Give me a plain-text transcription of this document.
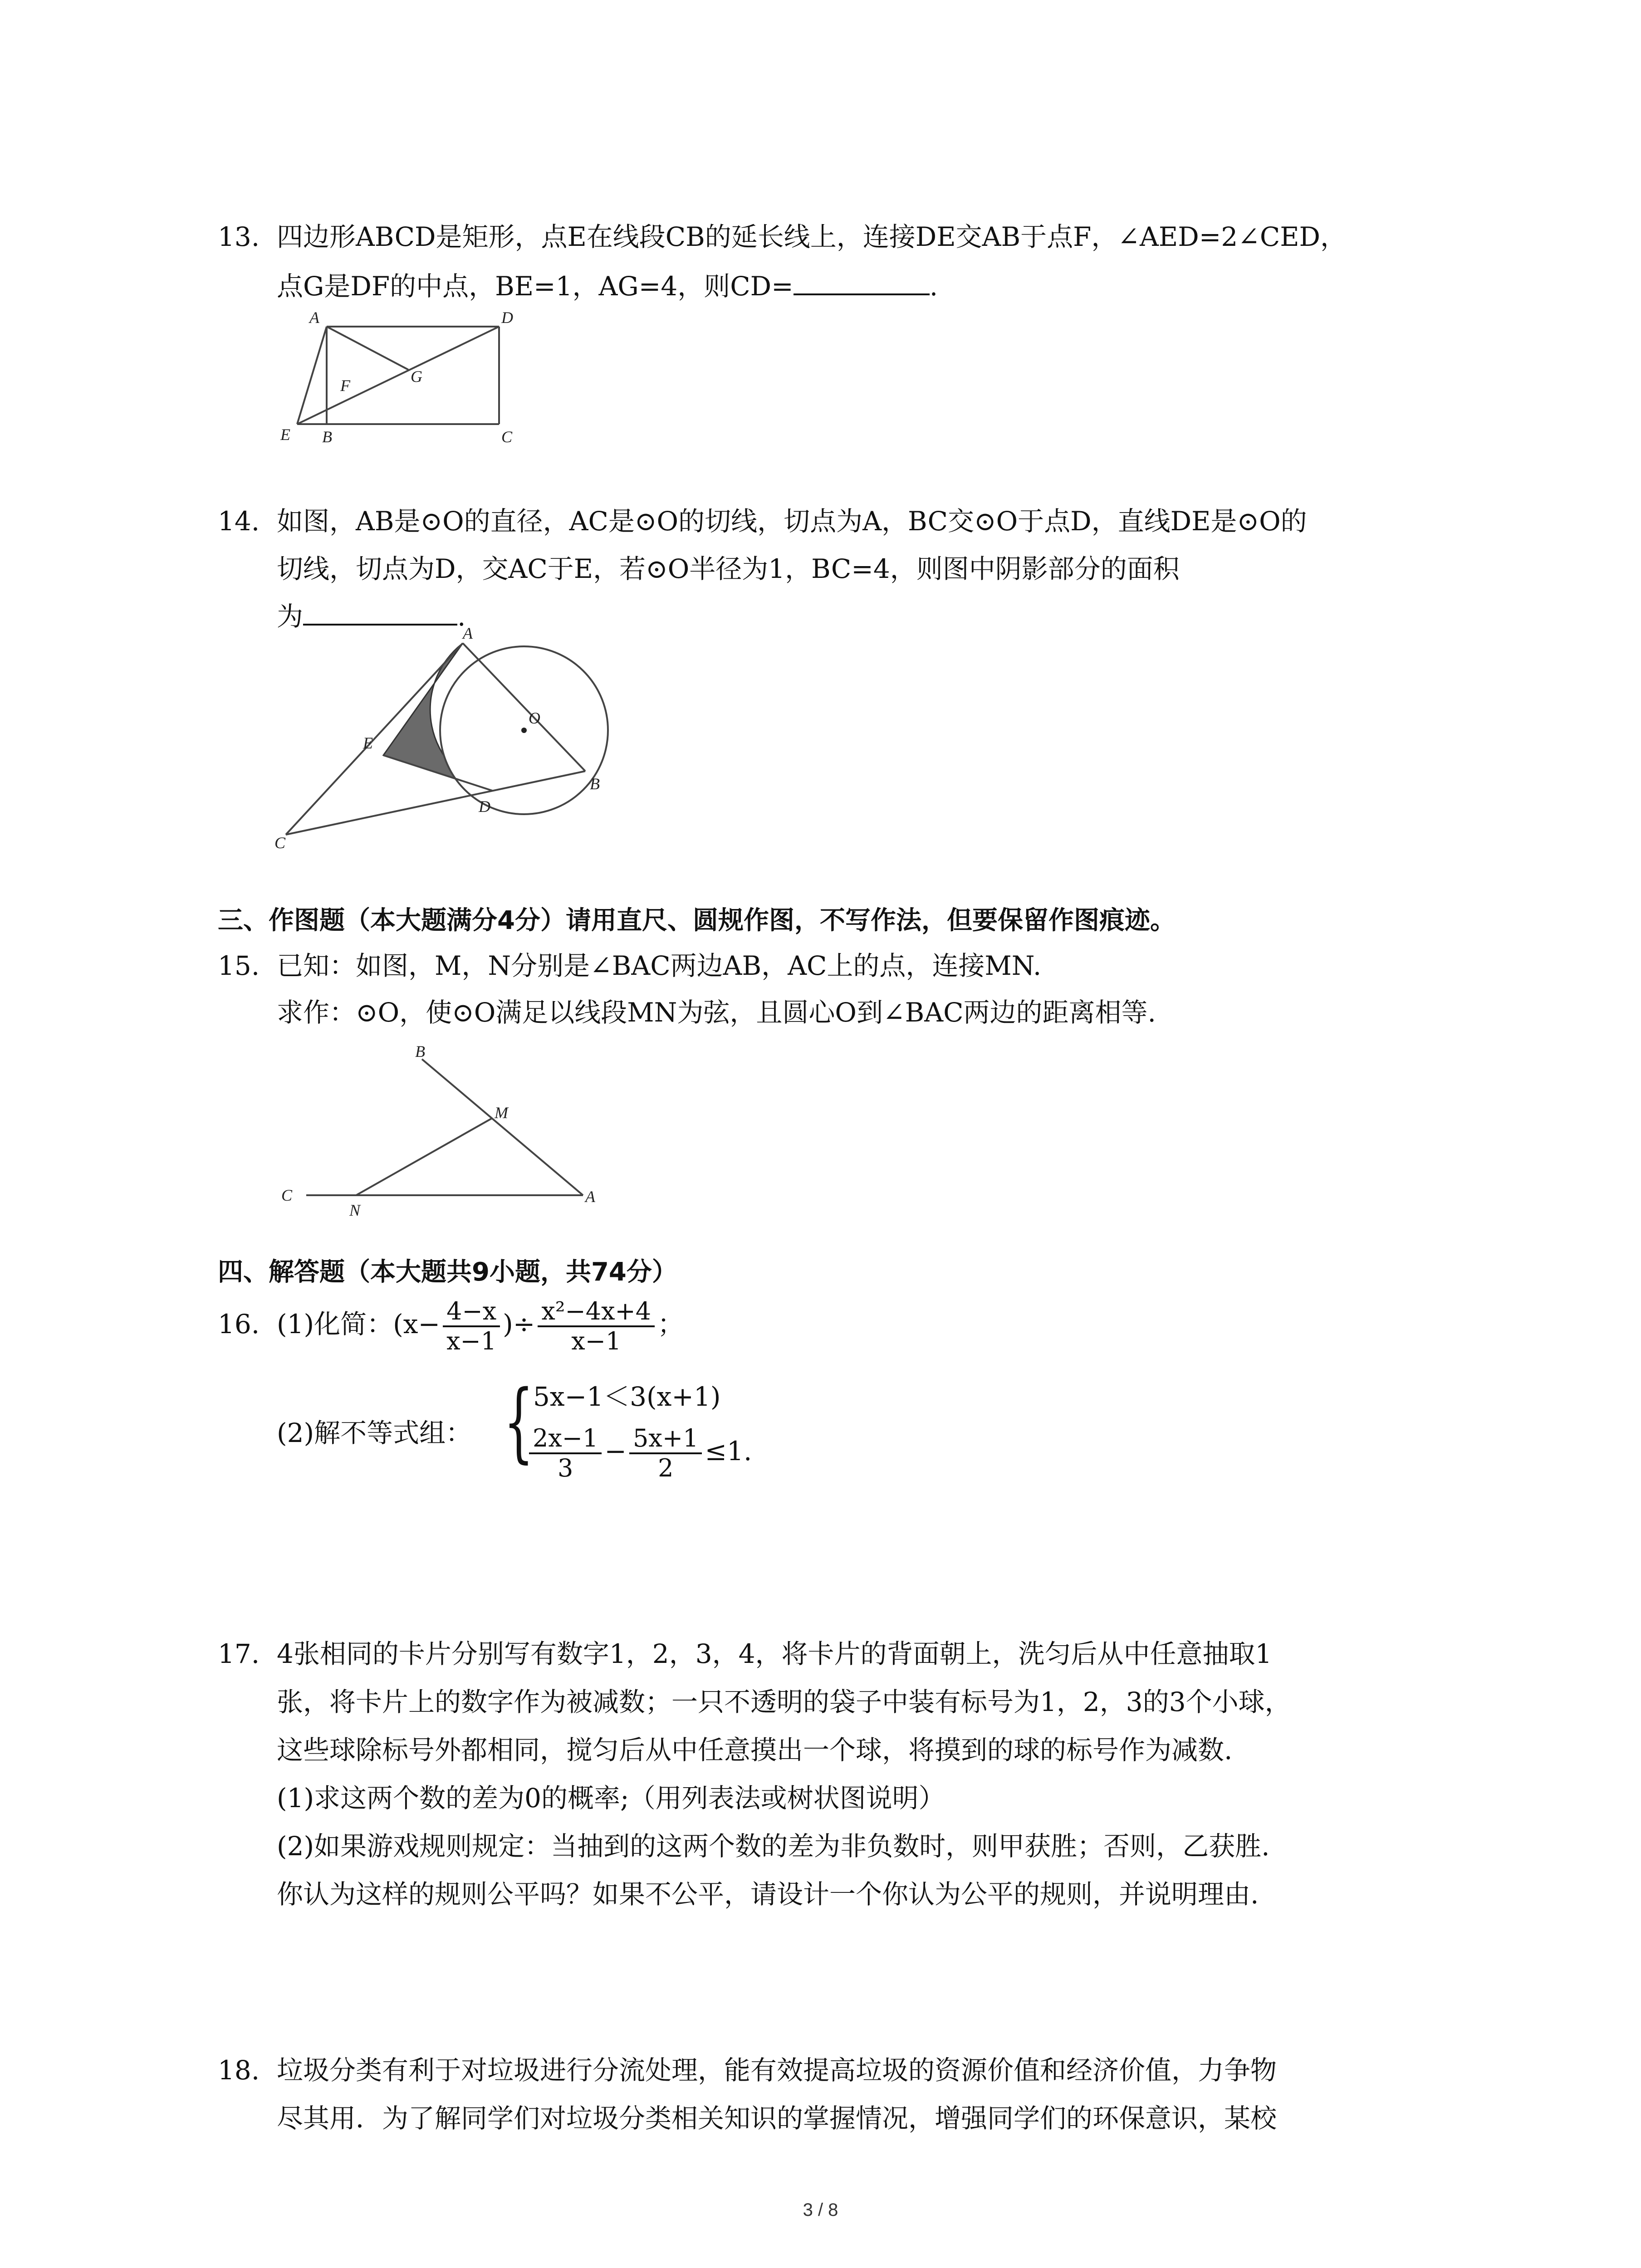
13. 四边形ABCD是矩形，点E在线段CB的延长线上，连接DE交AB于点F，∠AED=2∠CED，
点G是DF的中点，BE=1，AG=4，则CD=	.
A	D
F	G
E B	C
14. 如图，AB是⊙O的直径，AC是⊙O的切线，切点为A，BC交⊙O于点D，直线DE是⊙O的
切线，切点为D，交AC于E，若⊙O半径为1，BC=4，则图中阴影部分的面积
为	.
A
O
E
B
D
C
三、作图题（本大题满分4分）请用直尺、圆规作图，不写作法，但要保留作图痕迹。
15. 已知：如图，M，N分别是∠BAC两边AB，AC上的点，连接MN.
求作：⊙O，使⊙O满足以线段MN为弦，且圆心O到∠BAC两边的距离相等.
B
M
C
N
A
四、解答题（本大题共9小题，共74分）
16. (1)化简：($x- \frac{4-x}{x-1}$ )÷ $\frac{\text{x²−4x+4}}{x-1}$ ；
(2)解不等式组： {
5x−1＜3(x+1)
$\frac{2x-1}{3} - \frac{5x+1}{2} \le 1$.
17. 4张相同的卡片分别写有数字1，2，3，4，将卡片的背面朝上，洗匀后从中任意抽取1
张，将卡片上的数字作为被减数；一只不透明的袋子中装有标号为1，2，3的3个小球，
这些球除标号外都相同，搅匀后从中任意摸出一个球，将摸到的球的标号作为减数.
(1)求这两个数的差为0的概率;（用列表法或树状图说明）
(2)如果游戏规则规定：当抽到的这两个数的差为非负数时，则甲获胜；否则，乙获胜.
你认为这样的规则公平吗？如果不公平，请设计一个你认为公平的规则，并说明理由.
18. 垃圾分类有利于对垃圾进行分流处理，能有效提高垃圾的资源价值和经济价值，力争物
尽其用．为了解同学们对垃圾分类相关知识的掌握情况，增强同学们的环保意识，某校
3 / 8
